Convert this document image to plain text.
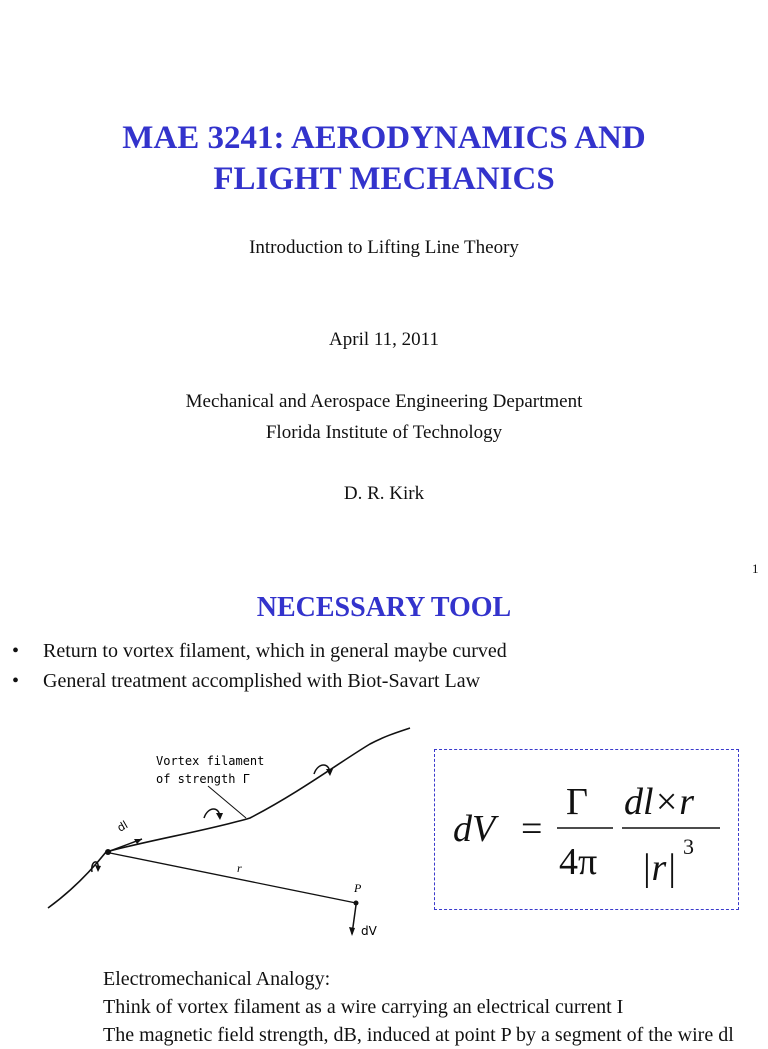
MAE 3241: AERODYNAMICS AND
FLIGHT MECHANICS
Introduction to Lifting Line Theory
April 11, 2011
Mechanical and Aerospace Engineering Department
Florida Institute of Technology
D. R. Kirk
1
NECESSARY TOOL
• Return to vortex filament, which in general maybe curved
• General treatment accomplished with Biot-Savart Law
dl
r
P
dV
Vortex filament
of strength Γ
dV =
Γ
4π
dl×r
|r|
3
Electromechanical Analogy:
Think of vortex filament as a wire carrying an electrical current I
The magnetic field strength, dB, induced at point P by a segment of the wire dl
